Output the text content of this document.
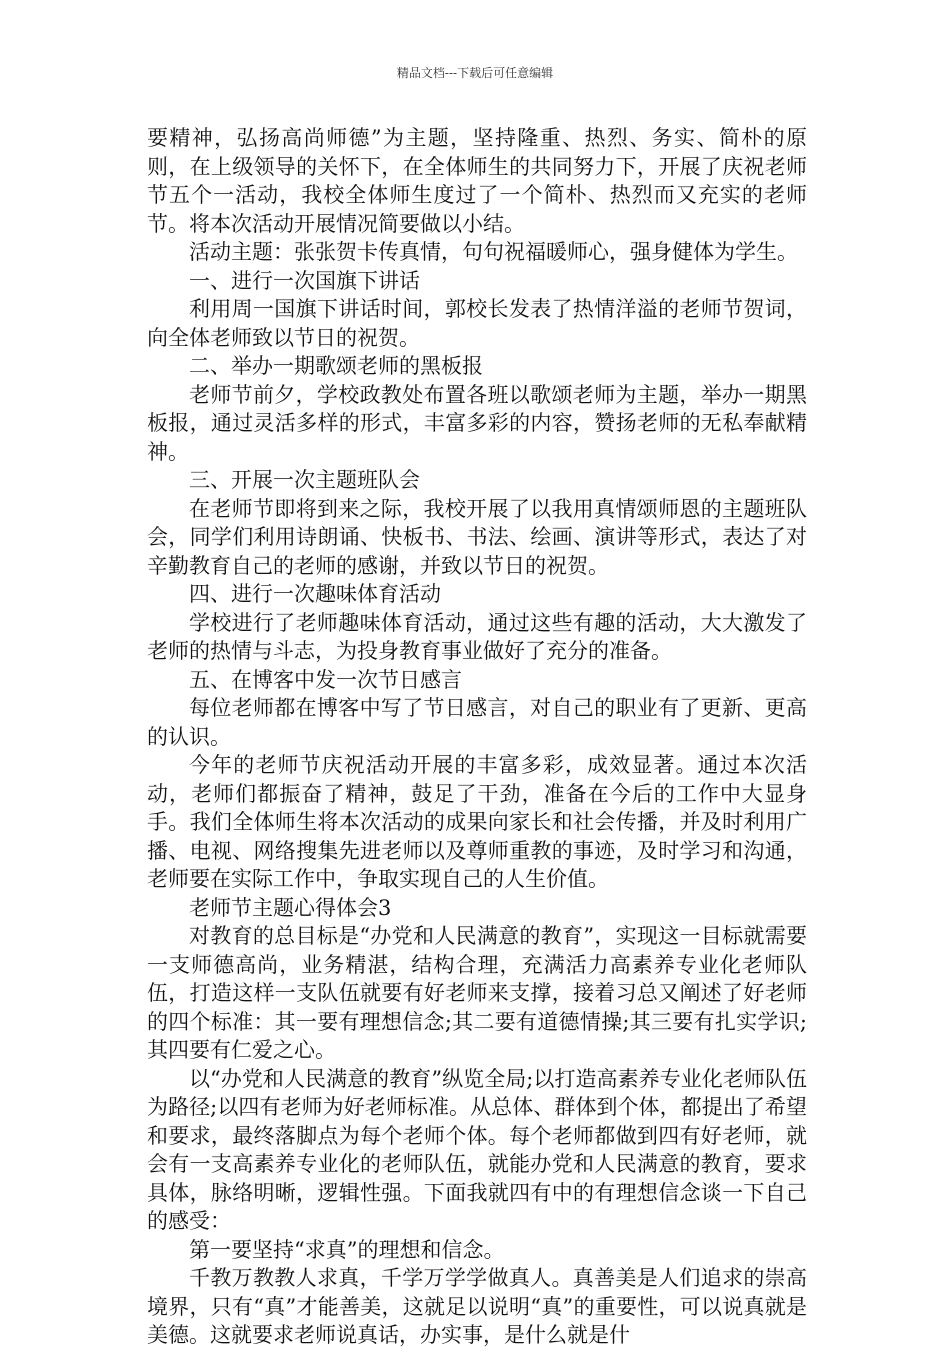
精品文档---下载后可任意编辑

要精神，弘扬高尚师德”为主题，坚持隆重、热烈、务实、简朴的原则，在上级领导的关怀下，在全体师生的共同努力下，开展了庆祝老师节五个一活动，我校全体师生度过了一个简朴、热烈而又充实的老师节。将本次活动开展情况简要做以小结。

活动主题：张张贺卡传真情，句句祝福暖师心，强身健体为学生。

一、进行一次国旗下讲话

利用周一国旗下讲话时间，郭校长发表了热情洋溢的老师节贺词，向全体老师致以节日的祝贺。

二、举办一期歌颂老师的黑板报

老师节前夕，学校政教处布置各班以歌颂老师为主题，举办一期黑板报，通过灵活多样的形式，丰富多彩的内容，赞扬老师的无私奉献精神。

三、开展一次主题班队会

在老师节即将到来之际，我校开展了以我用真情颂师恩的主题班队会，同学们利用诗朗诵、快板书、书法、绘画、演讲等形式，表达了对辛勤教育自己的老师的感谢，并致以节日的祝贺。

四、进行一次趣味体育活动

学校进行了老师趣味体育活动，通过这些有趣的活动，大大激发了老师的热情与斗志，为投身教育事业做好了充分的准备。

五、在博客中发一次节日感言

每位老师都在博客中写了节日感言，对自己的职业有了更新、更高的认识。

今年的老师节庆祝活动开展的丰富多彩，成效显著。通过本次活动，老师们都振奋了精神，鼓足了干劲，准备在今后的工作中大显身手。我们全体师生将本次活动的成果向家长和社会传播，并及时利用广播、电视、网络搜集先进老师以及尊师重教的事迹，及时学习和沟通，老师要在实际工作中，争取实现自己的人生价值。

老师节主题心得体会3

对教育的总目标是“办党和人民满意的教育”，实现这一目标就需要一支师德高尚，业务精湛，结构合理，充满活力高素养专业化老师队伍，打造这样一支队伍就要有好老师来支撑，接着习总又阐述了好老师的四个标准：其一要有理想信念;其二要有道德情操;其三要有扎实学识;其四要有仁爱之心。

以“办党和人民满意的教育”纵览全局;以打造高素养专业化老师队伍为路径;以四有老师为好老师标准。从总体、群体到个体，都提出了希望和要求，最终落脚点为每个老师个体。每个老师都做到四有好老师，就会有一支高素养专业化的老师队伍，就能办党和人民满意的教育，要求具体，脉络明晰，逻辑性强。下面我就四有中的有理想信念谈一下自己的感受：

第一要坚持“求真”的理想和信念。

千教万教教人求真，千学万学学做真人。真善美是人们追求的崇高境界，只有“真”才能善美，这就足以说明“真”的重要性，可以说真就是美德。这就要求老师说真话，办实事，是什么就是什
